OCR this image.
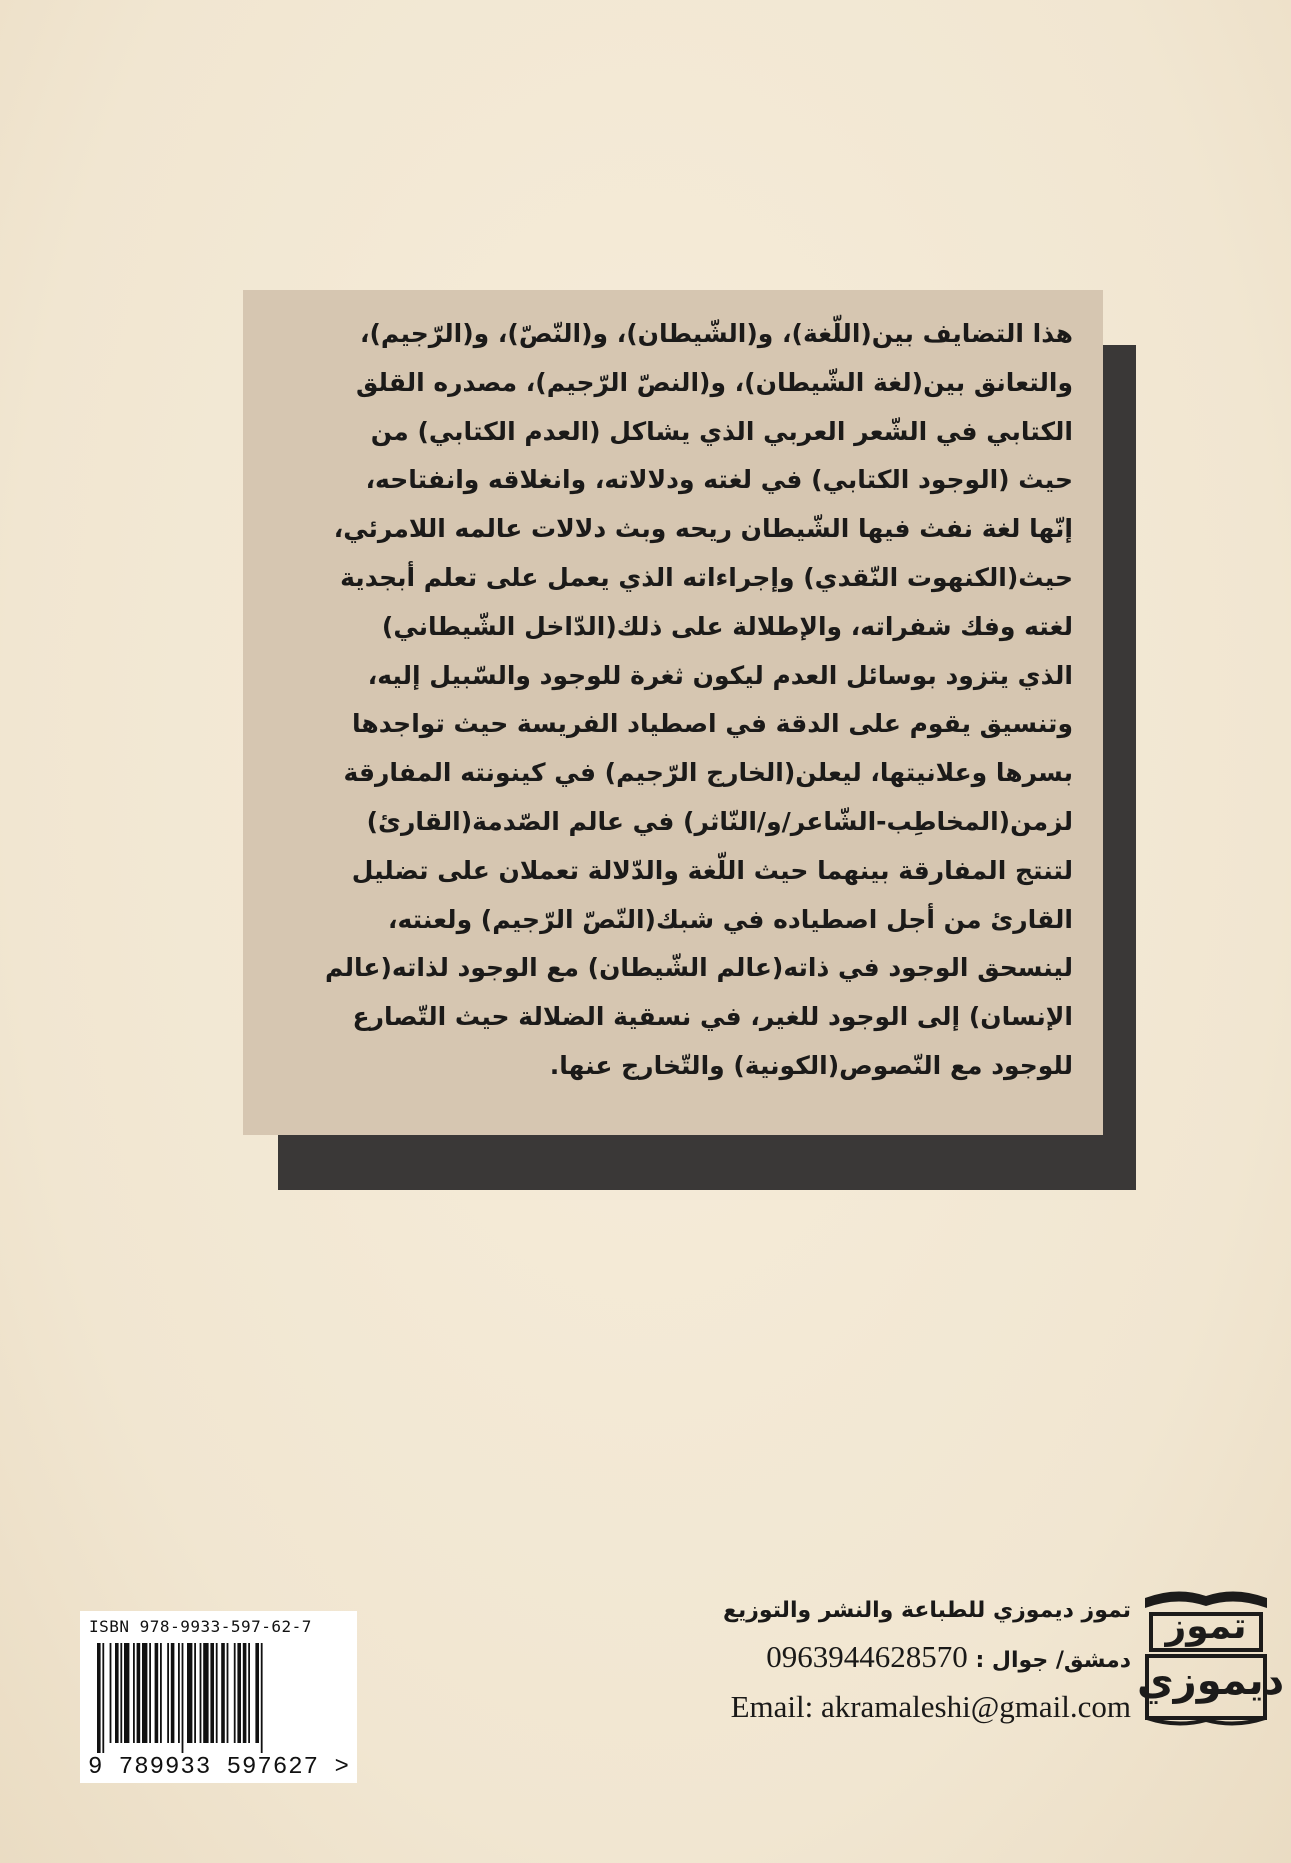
هذا التضايف بين(اللّغة)، و(الشّيطان)، و(النّصّ)، و(الرّجيم)،
والتعانق بين(لغة الشّيطان)، و(النصّ الرّجيم)، مصدره القلق
الكتابي في الشّعر العربي الذي يشاكل (العدم الكتابي) من
حيث (الوجود الكتابي) في لغته ودلالاته، وانغلاقه وانفتاحه،
إنّها لغة نفث فيها الشّيطان ريحه وبث دلالات عالمه اللامرئي،
حيث(الكنهوت النّقدي) وإجراءاته الذي يعمل على تعلم أبجدية
لغته وفك شفراته، والإطلالة على ذلك(الدّاخل الشّيطاني)
الذي يتزود بوسائل العدم ليكون ثغرة للوجود والسّبيل إليه،
وتنسيق يقوم على الدقة في اصطياد الفريسة حيث تواجدها
بسرها وعلانيتها، ليعلن(الخارج الرّجيم) في كينونته المفارقة
لزمن(المخاطِب-الشّاعر/و/النّاثر) في عالم الصّدمة(القارئ)
لتنتج المفارقة بينهما حيث اللّغة والدّلالة تعملان على تضليل
القارئ من أجل اصطياده في شبك(النّصّ الرّجيم) ولعنته،
لينسحق الوجود في ذاته(عالم الشّيطان) مع الوجود لذاته(عالم
الإنسان) إلى الوجود للغير، في نسقية الضلالة حيث التّصارع
للوجود مع النّصوص(الكونية) والتّخارج عنها.
ISBN 978-9933-597-62-7
9 789933 597627 >
تموز ديموزي للطباعة والنشر والتوزيع
دمشق/ جوال : 0963944628570
Email: akramaleshi@gmail.com
تموز
ديموزي
